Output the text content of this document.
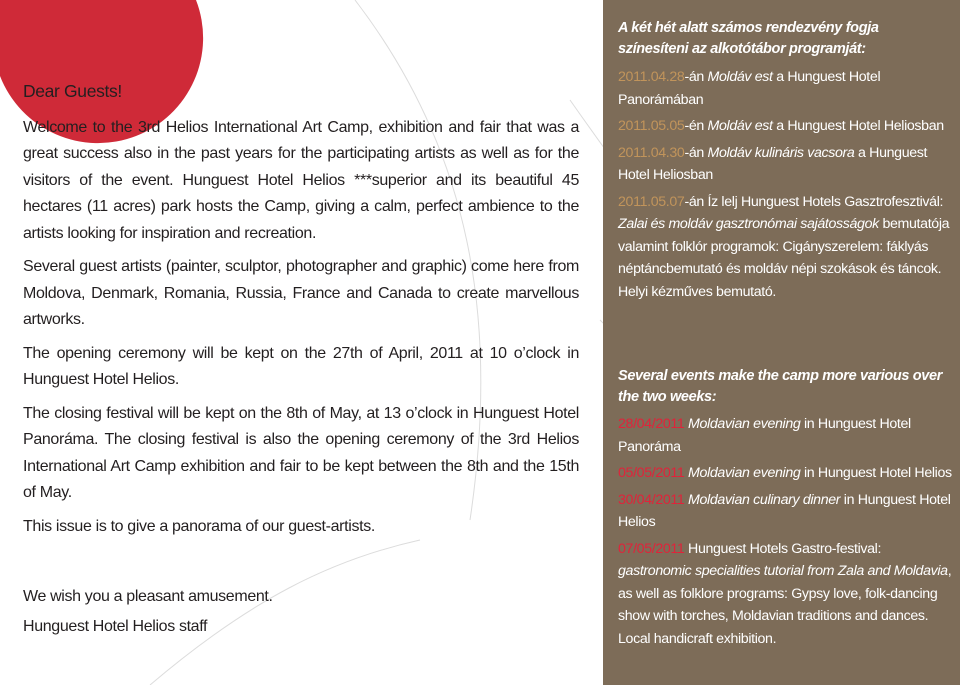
Dear Guests!

Welcome to the 3rd Helios International Art Camp, exhibition and fair that was a great success also in the past years for the participating artists as well as for the visitors of the event. Hunguest Hotel Helios ***superior and its beautiful 45 hectares (11 acres) park hosts the Camp, giving a calm, perfect ambience to the artists looking for inspiration and recreation.

Several guest artists (painter, sculptor, photographer and graphic) come here from Moldova, Denmark, Romania, Russia, France and Canada to create marvellous artworks.

The opening ceremony will be kept on the 27th of April, 2011 at 10 o’clock in Hunguest Hotel Helios.

The closing festival will be kept on the 8th of May, at 13 o’clock in Hunguest Hotel Panoráma. The closing festival is also the opening ceremony of the 3rd Helios International Art Camp exhibition and fair to be kept between the 8th and the 15th of May.

This issue is to give a panorama of our guest-artists.

We wish you a pleasant amusement.

Hunguest Hotel Helios staff

A két hét alatt számos rendezvény fogja színesíteni az alkotótábor programját:

2011.04.28-án Moldáv est a Hunguest Hotel Panorámában

2011.05.05-én Moldáv est a Hunguest Hotel Heliosban

2011.04.30-án Moldáv kulináris vacsora a Hunguest Hotel Heliosban

2011.05.07-án Íz lelj Hunguest Hotels Gasztrofesztivál: Zalai és moldáv gasztronómai sajátosságok bemutatója valamint folklór programok: Cigányszerelem: fáklyás néptáncbemutató és moldáv népi szokások és táncok. Helyi kézműves bemutató.

Several events make the camp more various over the two weeks:

28/04/2011 Moldavian evening in Hunguest Hotel Panoráma

05/05/2011 Moldavian evening in Hunguest Hotel Helios

30/04/2011 Moldavian culinary dinner in Hunguest Hotel Helios

07/05/2011 Hunguest Hotels Gastro-festival: gastronomic specialities tutorial from Zala and Moldavia, as well as folklore programs: Gypsy love, folk-dancing show with torches, Moldavian traditions and dances. Local handicraft exhibition.
